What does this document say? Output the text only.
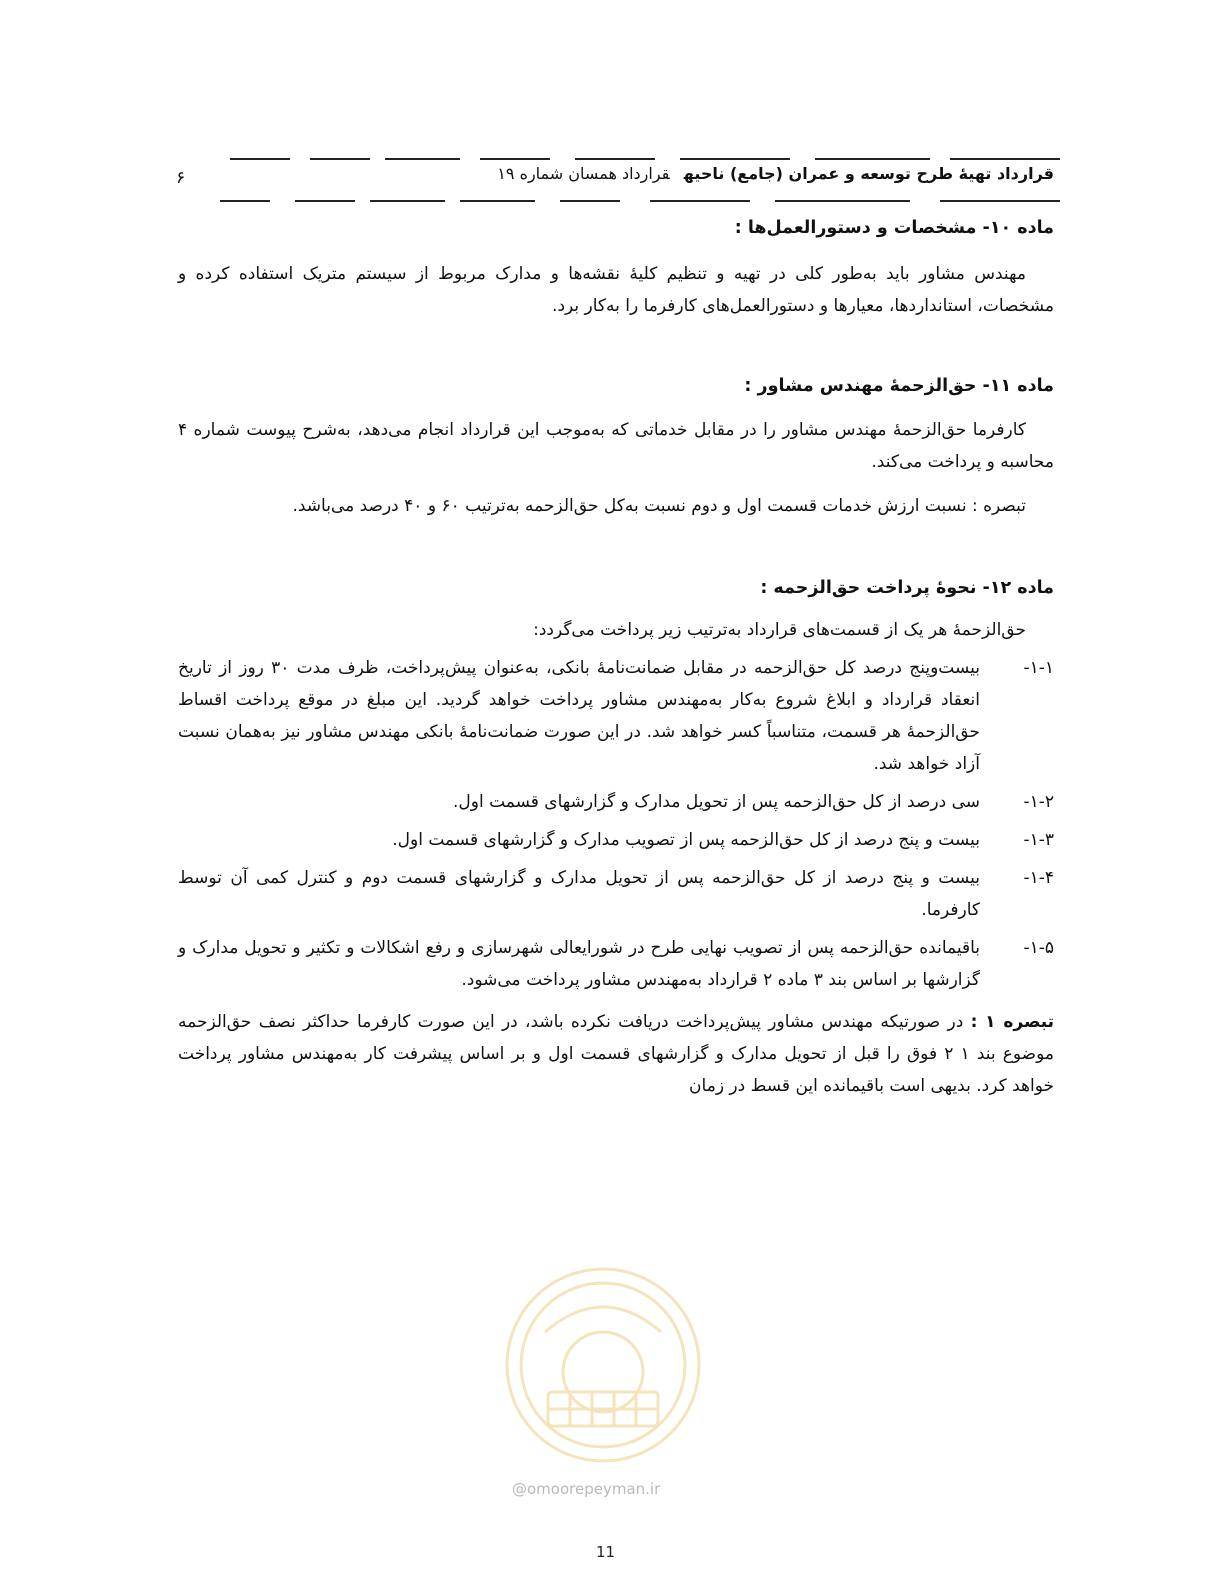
قرارداد تهیهٔ طرح توسعه و عمران (جامع) ناحیهقرارداد همسان شماره ۱۹
۶
ماده ۱۰- مشخصات و دستورالعمل‌ها :

مهندس مشاور باید به‌طور کلی در تهیه و تنظیم کلیهٔ نقشه‌ها و مدارک مربوط از سیستم متریک استفاده کرده و مشخصات، استانداردها، معیارها و دستورالعمل‌های کارفرما را به‌کار برد.

ماده ۱۱- حق‌الزحمهٔ مهندس مشاور :

کارفرما حق‌الزحمهٔ مهندس مشاور را در مقابل خدماتی که به‌موجب این قرارداد انجام می‌دهد، به‌شرح پیوست شماره ۴ محاسبه و پرداخت می‌کند.

تبصره : نسبت ارزش خدمات قسمت اول و دوم نسبت به‌کل حق‌الزحمه به‌ترتیب ۶۰ و ۴۰ درصد می‌باشد.

ماده ۱۲- نحوهٔ پرداخت حق‌الزحمه :

حق‌الزحمهٔ هر یک از قسمت‌های قرارداد به‌ترتیب زیر پرداخت می‌گردد:

۱-۱-
بیست‌وپنج درصد کل حق‌الزحمه در مقابل ضمانت‌نامهٔ بانکی، به‌عنوان پیش‌پرداخت، ظرف مدت ۳۰ روز از تاریخ انعقاد قرارداد و ابلاغ شروع به‌کار به‌مهندس مشاور پرداخت خواهد گردید. این مبلغ در موقع پرداخت اقساط حق‌الزحمهٔ هر قسمت، متناسباً کسر خواهد شد. در این صورت ضمانت‌نامهٔ بانکی مهندس مشاور نیز به‌همان نسبت آزاد خواهد شد.
۱-۲-
سی درصد از کل حق‌الزحمه پس از تحویل مدارک و گزارشهای قسمت اول.
۱-۳-
بیست و پنج درصد از کل حق‌الزحمه پس از تصویب مدارک و گزارشهای قسمت اول.
۱-۴-
بیست و پنج درصد از کل حق‌الزحمه پس از تحویل مدارک و گزارشهای قسمت دوم و کنترل کمی آن توسط کارفرما.
۱-۵-
باقیمانده حق‌الزحمه پس از تصویب نهایی طرح در شورایعالی شهرسازی و رفع اشکالات و تکثیر و تحویل مدارک و گزارشها بر اساس بند ۳ ماده ۲ قرارداد به‌مهندس مشاور پرداخت می‌شود.

تبصره ۱ : در صورتیکه مهندس مشاور پیش‌پرداخت دریافت نکرده باشد، در این صورت کارفرما حداکثر نصف حق‌الزحمه موضوع بند ۱ ۲ فوق را قبل از تحویل مدارک و گزارشهای قسمت اول و بر اساس پیشرفت کار به‌مهندس مشاور پرداخت خواهد کرد. بدیهی است باقیمانده این قسط در زمان

@omoorepeyman.ir
11
